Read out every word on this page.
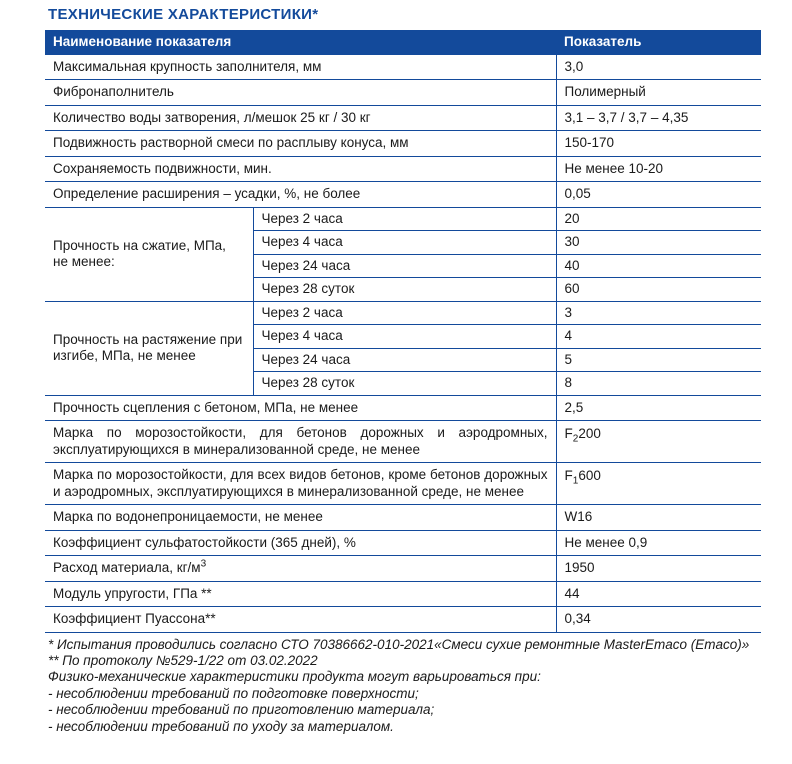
ТЕХНИЧЕСКИЕ ХАРАКТЕРИСТИКИ*
Наименование показателя		Показатель
Максимальная крупность заполнителя, мм		3,0
Фибронаполнитель		Полимерный
Количество воды затворения, л/мешок 25 кг / 30 кг		3,1 – 3,7 / 3,7 – 4,35
Подвижность растворной смеси по расплыву конуса, мм		150-170
Сохраняемость подвижности, мин.		Не менее 10-20
Определение расширения – усадки, %, не более		0,05
Прочность на сжатие, МПа, не менее:	Через 2 часа	20
	Через 4 часа	30
	Через 24 часа	40
	Через 28 суток	60
Прочность на растяжение при изгибе, МПа, не менее	Через 2 часа	3
	Через 4 часа	4
	Через 24 часа	5
	Через 28 суток	8
Прочность сцепления с бетоном, МПа, не менее		2,5
Марка по морозостойкости, для бетонов дорожных и аэродромных, эксплуатирующихся в минерализованной среде, не менее		$F_2200$
Марка по морозостойкости, для всех видов бетонов, кроме бетонов дорожных и аэродромных, эксплуатирующихся в минерализованной среде, не менее		$F_1600$
Марка по водонепроницаемости, не менее		W16
Коэффициент сульфатостойкости (365 дней), %		Не менее 0,9
Расход материала, $кг/м^3$		1950
Модуль упругости, ГПа **		44
Коэффициент Пуассона**		0,34
* Испытания проводились согласно СТО 70386662-010-2021«Смеси сухие ремонтные MasterEmaco (Emaco)»
** По протоколу №529-1/22 от 03.02.2022
Физико-механические характеристики продукта могут варьироваться при:
- несоблюдении требований по подготовке поверхности;
- несоблюдении требований по приготовлению материала;
- несоблюдении требований по уходу за материалом.
